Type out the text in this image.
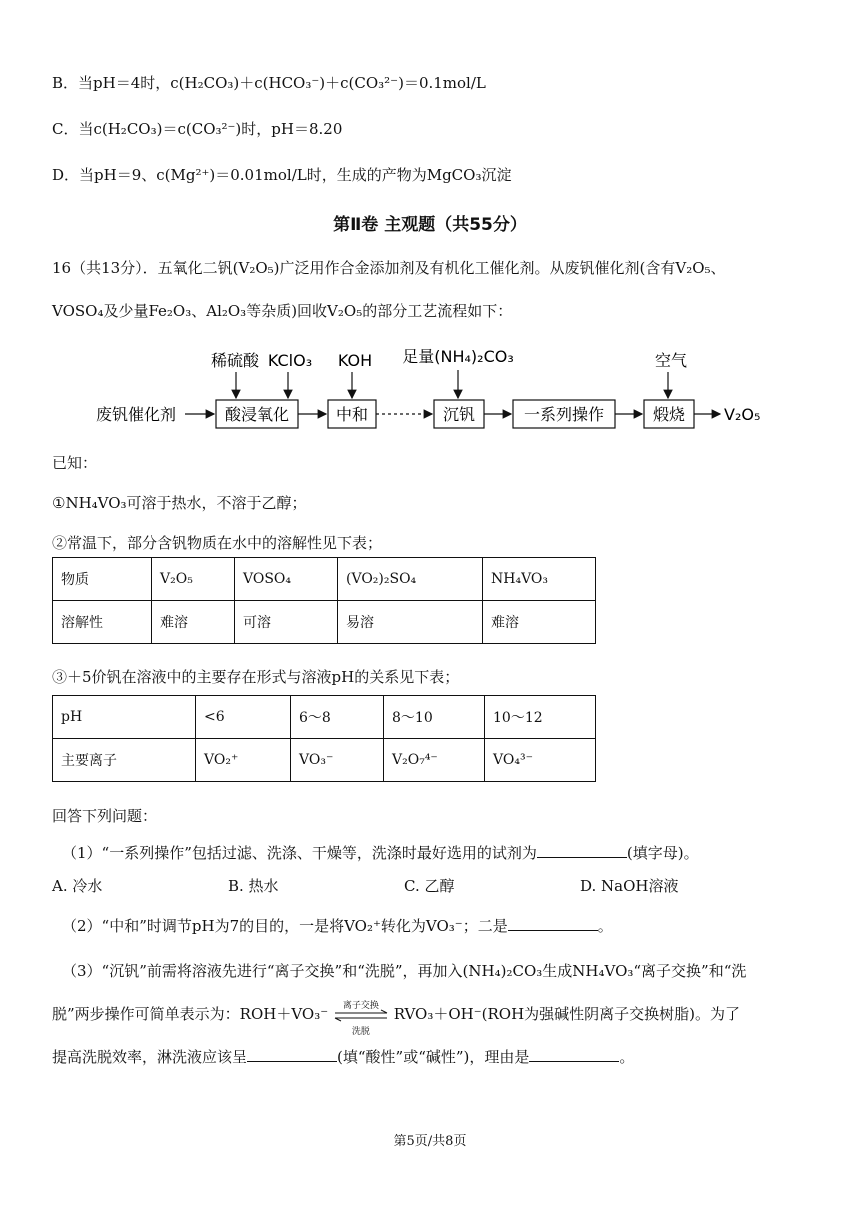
B．当pH＝4时，c(H₂CO₃)＋c(HCO₃⁻)＋c(CO₃²⁻)＝0.1mol/L
C．当c(H₂CO₃)＝c(CO₃²⁻)时，pH＝8.20
D．当pH＝9、c(Mg²⁺)＝0.01mol/L时，生成的产物为MgCO₃沉淀
第Ⅱ卷 主观题（共55分）
16（共13分）．五氧化二钒(V₂O₅)广泛用作合金添加剂及有机化工催化剂。从废钒催化剂(含有V₂O₅、
VOSO₄及少量Fe₂O₃、Al₂O₃等杂质)回收V₂O₅的部分工艺流程如下：
稀硫酸 KClO₃ KOH 足量(NH₄)₂CO₃	空气
废钒催化剂	酸浸氧化	中和	沉钒	一系列操作	煅烧 V₂O₅
已知：
①NH₄VO₃可溶于热水，不溶于乙醇；
②常温下，部分含钒物质在水中的溶解性见下表；
物质	V₂O₅	VOSO₄	(VO₂)₂SO₄	NH₄VO₃
溶解性	难溶	可溶	易溶	难溶
③＋5价钒在溶液中的主要存在形式与溶液pH的关系见下表；
pH	<6	6～8	8～10	10～12
主要离子	VO₂⁺	VO₃⁻	V₂O₇⁴⁻	VO₄³⁻
回答下列问题：
（1）“一系列操作”包括过滤、洗涤、干燥等，洗涤时最好选用的试剂为	(填字母)。
A. 冷水	B. 热水	C. 乙醇	D. NaOH溶液
（2）“中和”时调节pH为7的目的，一是将VO₂⁺转化为VO₃⁻；二是	。
（3）“沉钒”前需将溶液先进行“离子交换”和“洗脱”，再加入(NH₄)₂CO₃生成NH₄VO₃“离子交换”和“洗
脱”两步操作可简单表示为：ROH＋VO₃⁻	离子交换
洗脱
RVO₃＋OH⁻(ROH为强碱性阴离子交换树脂)。为了
提高洗脱效率，淋洗液应该呈	(填“酸性”或“碱性”)，理由是	。
第5页/共8页
